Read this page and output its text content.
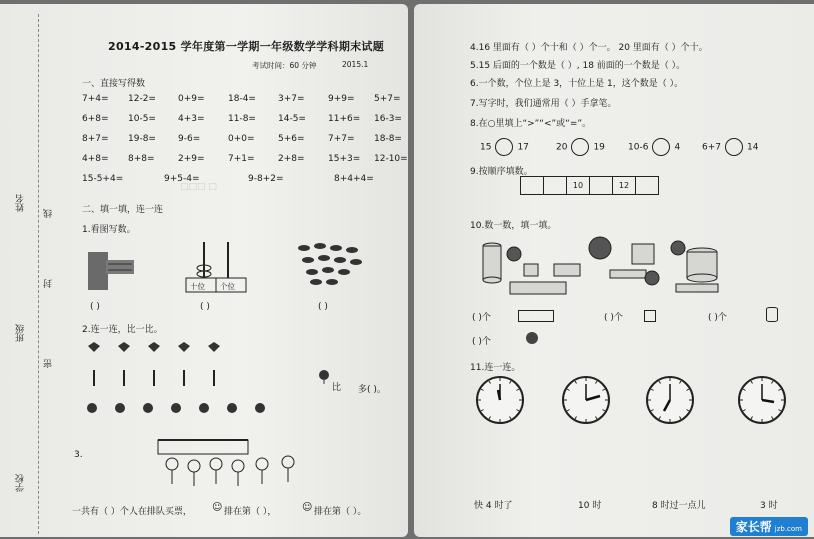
姓名
线
封
班级
密
学校
2014-2015 学年度第一学期一年级数学学科期末试题
考试时间：60 分钟	2015.1
一、直接写得数
7+4= 12-2= 0+9=	18-4= 3+7=	9+9= 5+7=
6+8= 10-5= 4+3=	11-8= 14-5= 11+6= 16-3=
8+7= 19-8= 9-6=	0+0=	5+6=	7+7= 18-8=
4+8= 8+8=	2+9=	7+1=	2+8=	15+3= 12-10=
15-5+4=	9+5-4=	9-8+2=	8+4+4=
□□□ □
二、填一填，连一连
1.看图写数。
十位 个位
( )	( )	( )
2.连一连，比一比。
比 多( )。
3.
一共有（ ）个人在排队买票， ☺ 排在第（ ），	☺ 排在第（ ）。
4.16 里面有（ ）个十和（ ）个一。 20 里面有（ ）个十。
5.15 后面的一个数是（ ）, 18 前面的一个数是（ ）。
6.一个数，个位上是 3，十位上是 1，这个数是（ ）。
7.写字时，我们通常用（ ）手拿笔。
8.在○里填上“>”“<”或“=”。
15	17	20	19	10-6	4 6+7	14
9.按顺序填数。
		10		12	
10.数一数，填一填。
( )个	( )个	( )个
( )个
11.连一连。
快 4 时了	10 时	8 时过一点儿	3 时
家长帮 jzb.com
